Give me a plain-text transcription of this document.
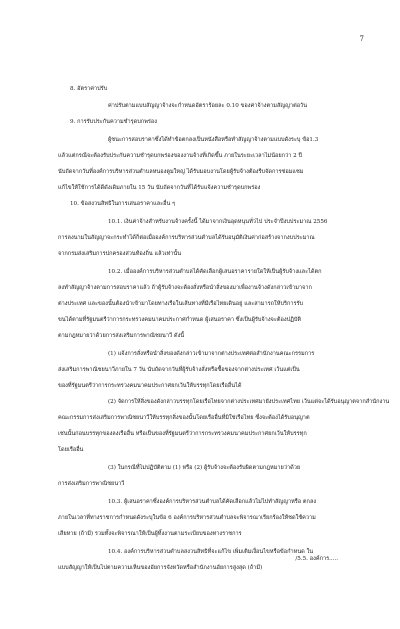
7
8. อัตราค่าปรับ
ค่าปรับตามแบบสัญญาจ้างจะกำหนดอัตราร้อยละ 0.10 ของค่าจ้างตามสัญญาต่อวัน
9. การรับประกันความชำรุดบกพร่อง
ผู้ชนะการสอบราคาซึ่งได้ทำข้อตกลงเป็นหนังสือหรือทำสัญญาจ้างตามแบบดังระบุ ข้อ1.3
แล้วแต่กรณีจะต้องรับประกันความชำรุดบกพร่องของงานจ้างที่เกิดขึ้น ภายในระยะเวลาไม่น้อยกว่า 2 ปี
นับถัดจากวันที่องค์การบริหารส่วนตำบลหนองตูมใหญ่ ได้รับมอบงานโดยผู้รับจ้างต้องรีบจัดการซ่อมแซม
แก้ไขให้ใช้การได้ดีดังเดิมภายใน 15 วัน นับถัดจากวันที่ได้รับแจ้งความชำรุดบกพร่อง
10. ข้อสงวนสิทธิในการเสนอราคาและอื่น ๆ
10.1. เงินค่าจ้างสำหรับงานจ้างครั้งนี้ ได้มาจากเงินอุดหนุนทั่วไป ประจำปีงบประมาณ 2556
การลงนามในสัญญาจะกระทำได้ก็ต่อเมื่อองค์การบริหารส่วนตำบลได้รับอนุมัติเงินค่าก่อสร้างจากงบประมาณ
จากกรมส่งเสริมการปกครองส่วนท้องถิ่น แล้วเท่านั้น
10.2. เมื่อองค์การบริหารส่วนตำบลได้คัดเลือกผู้เสนอราคารายใดให้เป็นผู้รับจ้างและได้ตก
ลงทำสัญญาจ้างตามการสอบราคาแล้ว ถ้าผู้รับจ้างจะต้องสั่งหรือนำสิ่งของมาเพื่องานจ้างดังกล่าวเข้ามาจาก
ต่างประเทศ และของนั้นต้องนำเข้ามาโดยทางเรือในเส้นทางที่มีเรือไทยเดินอยู่ และสามารถให้บริการรับ
ขนได้ตามที่รัฐมนตรีว่าการกระทรวงคมนาคมประกาศกำหนด ผู้เสนอราคา ซึ่งเป็นผู้รับจ้างจะต้องปฏิบัติ
ตามกฎหมายว่าด้วยการส่งเสริมการพาณิชยนาวี ดังนี้
(1) แจ้งการสั่งหรือนำสิ่งของดังกล่าวเข้ามาจากต่างประเทศต่อสำนักงานคณะกรรมการ
ส่งเสริมการพาณิชยนาวีภายใน 7 วัน นับถัดจากวันที่ผู้รับจ้างสั่งหรือซื้อของจากต่างประเทศ เว้นแต่เป็น
ของที่รัฐมนตรีว่าการกระทรวงคมนาคมประกาศยกเว้นให้บรรทุกโดยเรืออื่นได้
(2) จัดการให้สิ่งของดังกล่าวบรรทุกโดยเรือไทยจากต่างประเทศมายังประเทศไทย เว้นแต่จะได้รับอนุญาตจากสำนักงาน
คณะกรรมการส่งเสริมการพาณิชยนาวีให้บรรทุกสิ่งของนั้นโดยเรืออื่นที่มิใช่เรือไทย ซึ่งจะต้องได้รับอนุญาต
เช่นนั้นก่อนบรรทุกของลงเรืออื่น หรือเป็นของที่รัฐมนตรีว่าการกระทรวงคมนาคมประกาศยกเว้นให้บรรทุก
โดยเรืออื่น
(3) ในกรณีที่ไม่ปฏิบัติตาม (1) หรือ (2) ผู้รับจ้างจะต้องรับผิดตามกฎหมายว่าด้วย
การส่งเสริมการพาณิชยนาวี
10.3. ผู้เสนอราคาซึ่งองค์การบริหารส่วนตำบลได้คัดเลือกแล้วไม่ไปทำสัญญาหรือ ตกลง
ภายในเวลาที่ทางราชการกำหนดดังระบุในข้อ 6 องค์การบริหารส่วนตำบลจะพิจารณาเรียกร้องให้ชดใช้ความ
เสียหาย (ถ้ามี) รวมทั้งจะพิจารณาให้เป็นผู้ทิ้งงานตามระเบียบของทางราชการ
10.4. องค์การบริหารส่วนตำบลสงวนสิทธิที่จะแก้ไข เพิ่มเติมเงื่อนไขหรือข้อกำหนด ใน
แบบสัญญาให้เป็นไปตามความเห็นของอัยการจังหวัดหรือสำนักงานอัยการสูงสุด (ถ้ามี)
/5.5. องค์การ.....
